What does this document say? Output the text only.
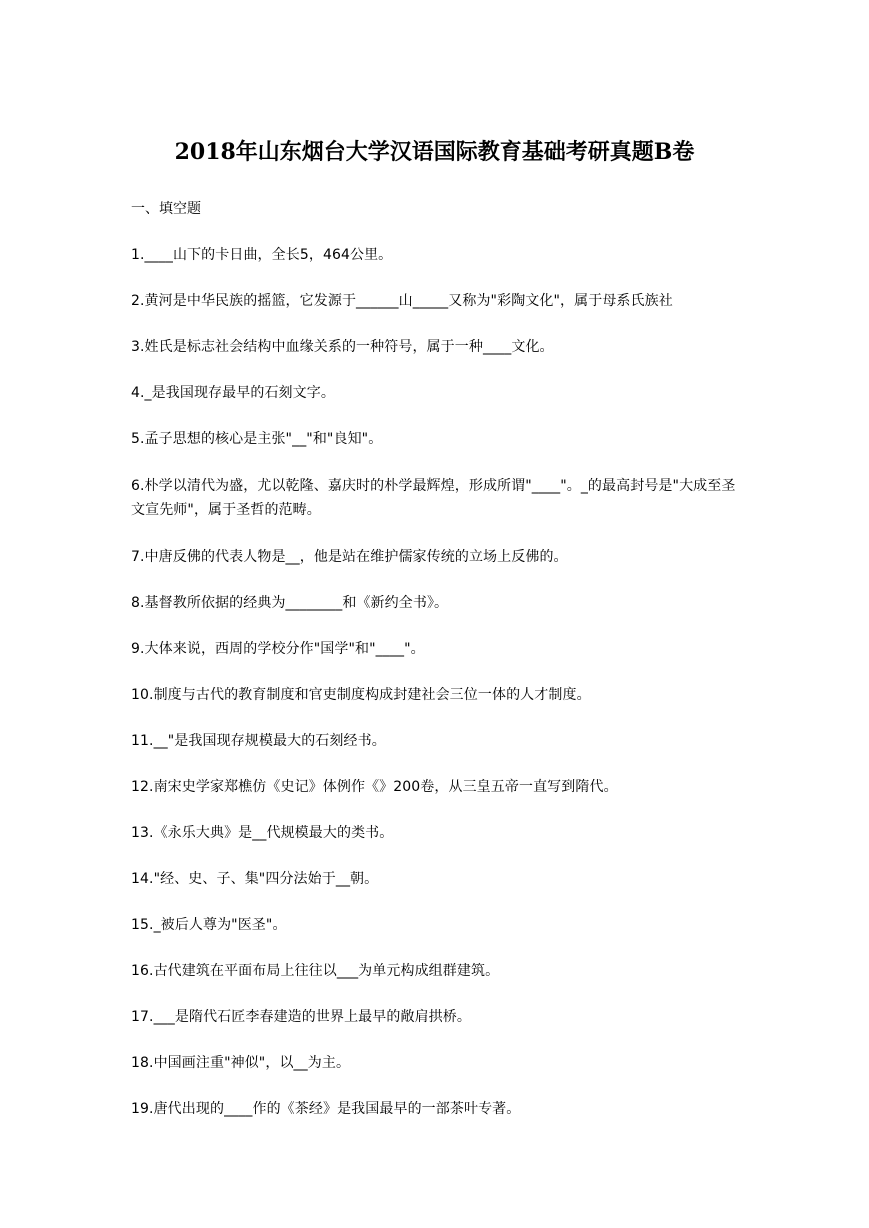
2018年山东烟台大学汉语国际教育基础考研真题B卷
一、填空题
1.____山下的卡日曲，全长5，464公里。
2.黄河是中华民族的摇篮，它发源于______山_____又称为"彩陶文化"，属于母系氏族社
3.姓氏是标志社会结构中血缘关系的一种符号，属于一种____文化。
4._是我国现存最早的石刻文字。
5.孟子思想的核心是主张"__"和"良知"。
6.朴学以清代为盛，尤以乾隆、嘉庆时的朴学最辉煌，形成所谓"____"。_的最高封号是"大成至圣文宣先师"，属于圣哲的范畴。
7.中唐反佛的代表人物是__，他是站在维护儒家传统的立场上反佛的。
8.基督教所依据的经典为________和《新约全书》。
9.大体来说，西周的学校分作"国学"和"____"。
10.制度与古代的教育制度和官吏制度构成封建社会三位一体的人才制度。
11.__"是我国现存规模最大的石刻经书。
12.南宋史学家郑樵仿《史记》体例作《》200卷，从三皇五帝一直写到隋代。
13.《永乐大典》是__代规模最大的类书。
14."经、史、子、集"四分法始于__朝。
15._被后人尊为"医圣"。
16.古代建筑在平面布局上往往以___为单元构成组群建筑。
17.___是隋代石匠李春建造的世界上最早的敞肩拱桥。
18.中国画注重"神似"，以__为主。
19.唐代出现的____作的《茶经》是我国最早的一部茶叶专著。
